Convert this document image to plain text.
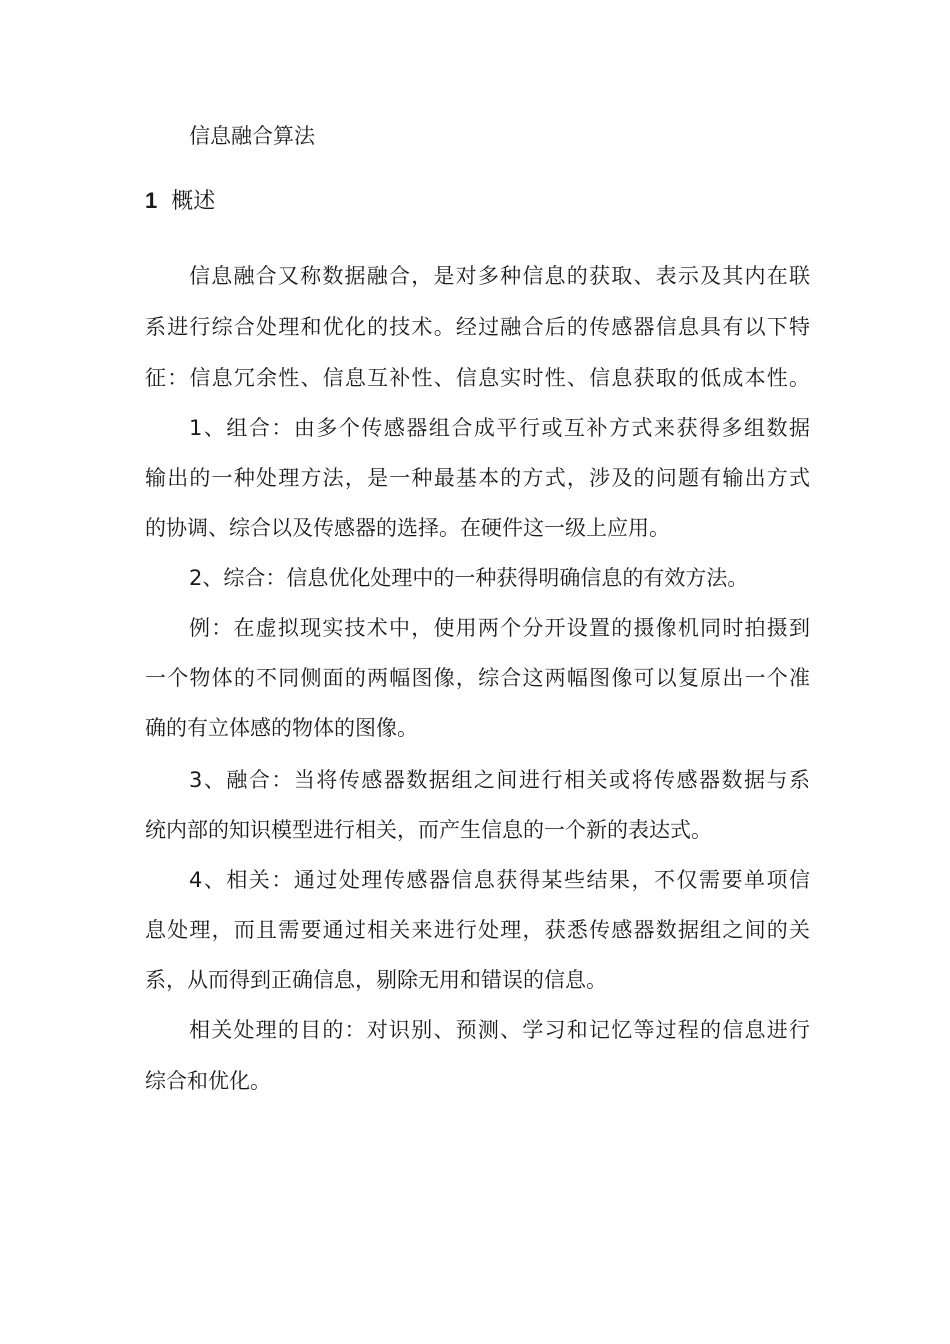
信息融合算法
1 概述

信息融合又称数据融合，是对多种信息的获取、表示及其内在联

系进行综合处理和优化的技术。经过融合后的传感器信息具有以下特

征：信息冗余性、信息互补性、信息实时性、信息获取的低成本性。

1、组合：由多个传感器组合成平行或互补方式来获得多组数据

输出的一种处理方法，是一种最基本的方式，涉及的问题有输出方式

的协调、综合以及传感器的选择。在硬件这一级上应用。

2、综合：信息优化处理中的一种获得明确信息的有效方法。

例：在虚拟现实技术中，使用两个分开设置的摄像机同时拍摄到

一个物体的不同侧面的两幅图像，综合这两幅图像可以复原出一个准

确的有立体感的物体的图像。

3、融合：当将传感器数据组之间进行相关或将传感器数据与系

统内部的知识模型进行相关，而产生信息的一个新的表达式。

4、相关：通过处理传感器信息获得某些结果，不仅需要单项信

息处理，而且需要通过相关来进行处理，获悉传感器数据组之间的关

系，从而得到正确信息，剔除无用和错误的信息。

相关处理的目的：对识别、预测、学习和记忆等过程的信息进行

综合和优化。
